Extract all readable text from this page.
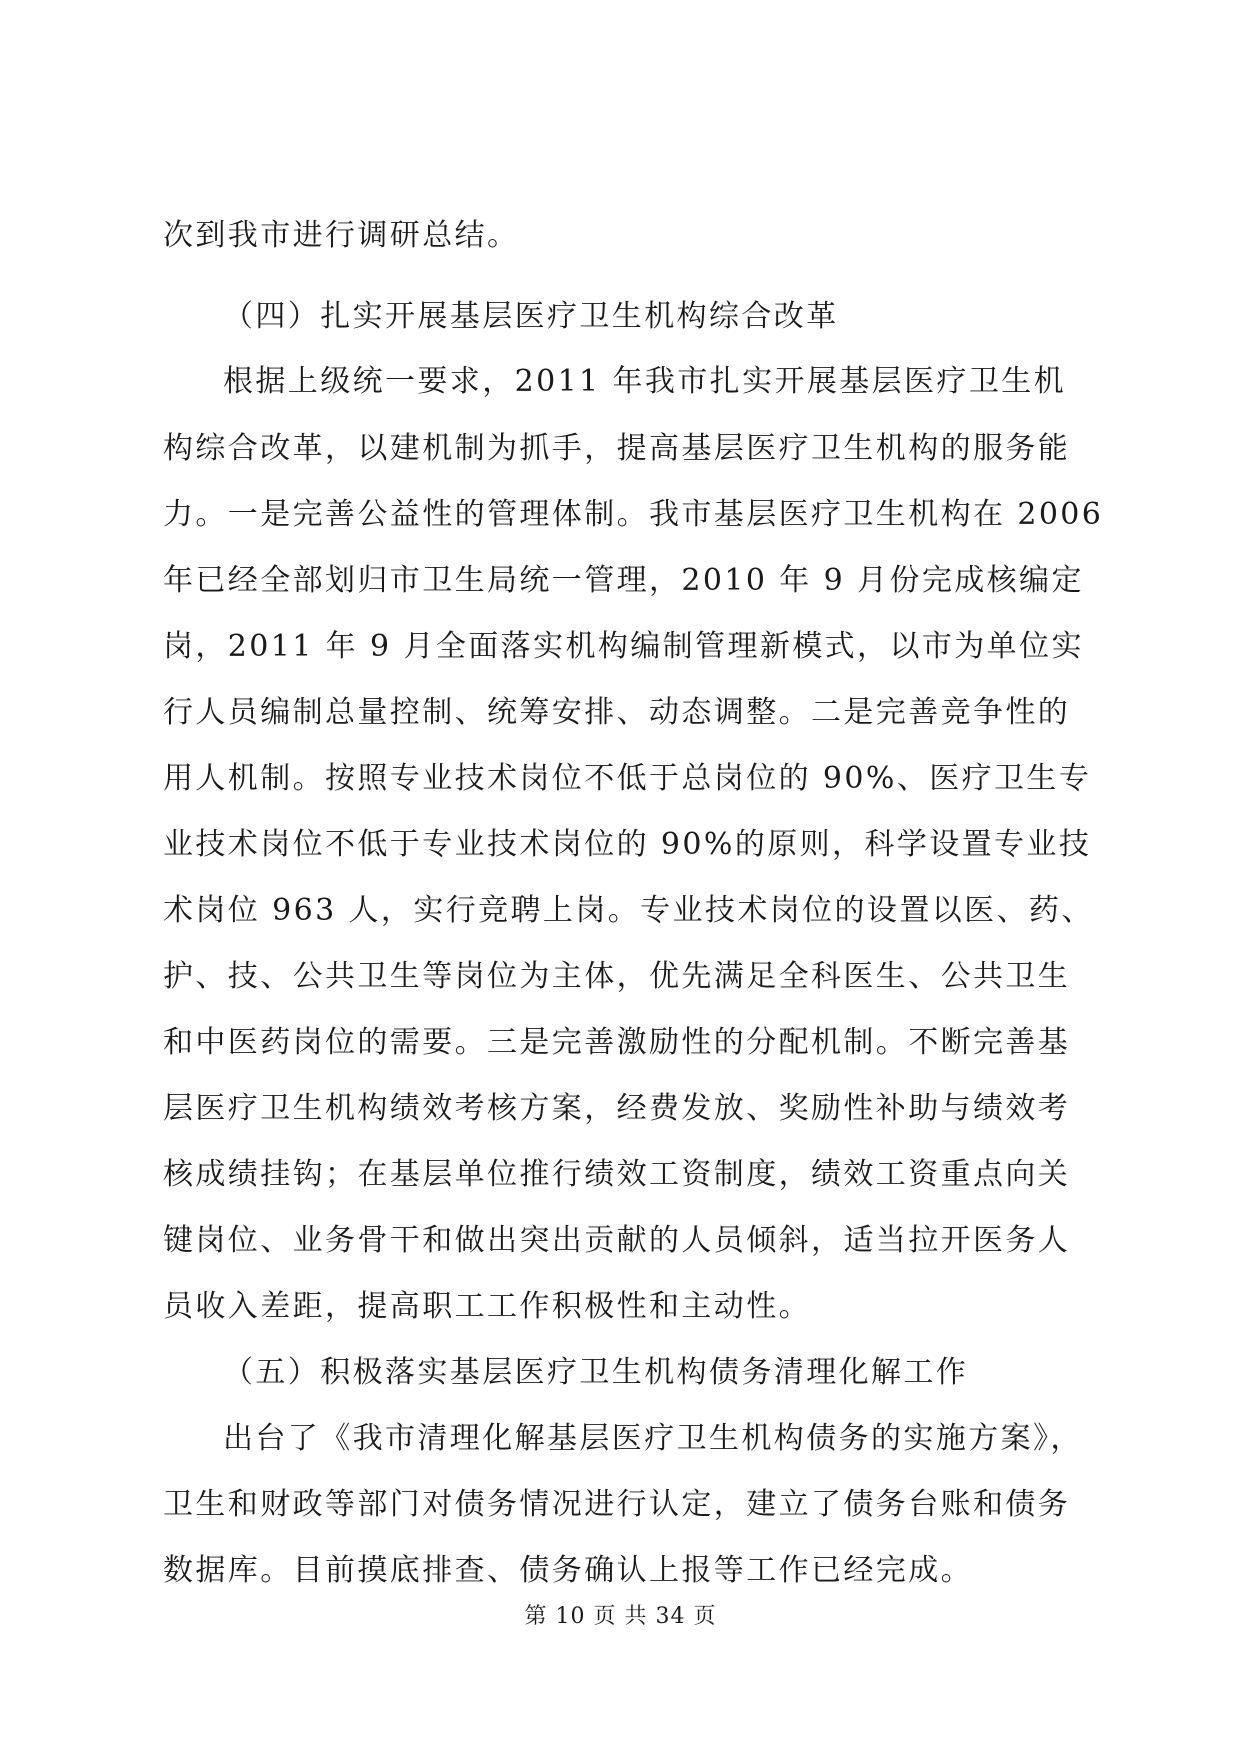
次到我市进行调研总结。
（四）扎实开展基层医疗卫生机构综合改革
根据上级统一要求，2011 年我市扎实开展基层医疗卫生机
构综合改革，以建机制为抓手，提高基层医疗卫生机构的服务能
力。一是完善公益性的管理体制。我市基层医疗卫生机构在 2006
年已经全部划归市卫生局统一管理，2010 年 9 月份完成核编定
岗，2011 年 9 月全面落实机构编制管理新模式，以市为单位实
行人员编制总量控制、统筹安排、动态调整。二是完善竞争性的
用人机制。按照专业技术岗位不低于总岗位的 90%、医疗卫生专
业技术岗位不低于专业技术岗位的 90%的原则，科学设置专业技
术岗位 963 人，实行竞聘上岗。专业技术岗位的设置以医、药、
护、技、公共卫生等岗位为主体，优先满足全科医生、公共卫生
和中医药岗位的需要。三是完善激励性的分配机制。不断完善基
层医疗卫生机构绩效考核方案，经费发放、奖励性补助与绩效考
核成绩挂钩；在基层单位推行绩效工资制度，绩效工资重点向关
键岗位、业务骨干和做出突出贡献的人员倾斜，适当拉开医务人
员收入差距，提高职工工作积极性和主动性。
（五）积极落实基层医疗卫生机构债务清理化解工作
出台了《我市清理化解基层医疗卫生机构债务的实施方案》，
卫生和财政等部门对债务情况进行认定，建立了债务台账和债务
数据库。目前摸底排查、债务确认上报等工作已经完成。
第 10 页 共 34 页
